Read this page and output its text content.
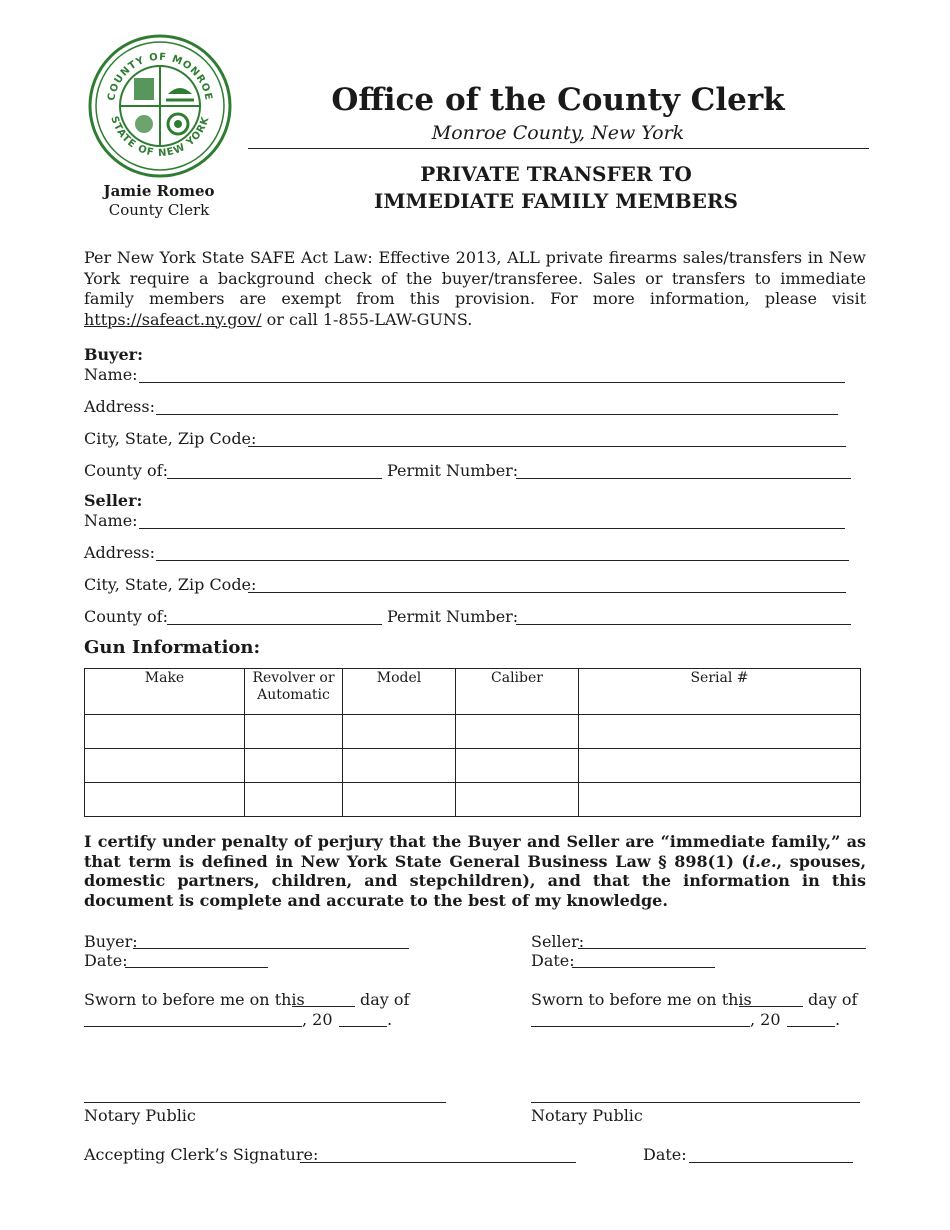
COUNTY OF MONROE
STATE OF NEW YORK
Jamie Romeo
County Clerk
Office of the County Clerk
Monroe County, New York
PRIVATE TRANSFER TO
IMMEDIATE FAMILY MEMBERS
Per New York State SAFE Act Law: Effective 2013, ALL private firearms sales/transfers in New York require a background check of the buyer/transferee. Sales or transfers to immediate family members are exempt from this provision. For more information, please visit https://safeact.ny.gov/ or call 1-855-LAW-GUNS.
Buyer:
Name:
Address:
City, State, Zip Code:
County of:	Permit Number:
Seller:
Name:
Address:
City, State, Zip Code:
County of:	Permit Number:
Gun Information:
Make	Revolver or Automatic	Model	Caliber	Serial #

I certify under penalty of perjury that the Buyer and Seller are “immediate family,” as that term is defined in New York State General Business Law § 898(1) (i.e., spouses, domestic partners, children, and stepchildren), and that the information in this document is complete and accurate to the best of my knowledge.
Buyer:
Date:
Sworn to before me on this	day of
, 20	.
Notary Public
Seller:
Date:
Sworn to before me on this	day of
, 20	.
Notary Public
Accepting Clerk’s Signature:	Date:
